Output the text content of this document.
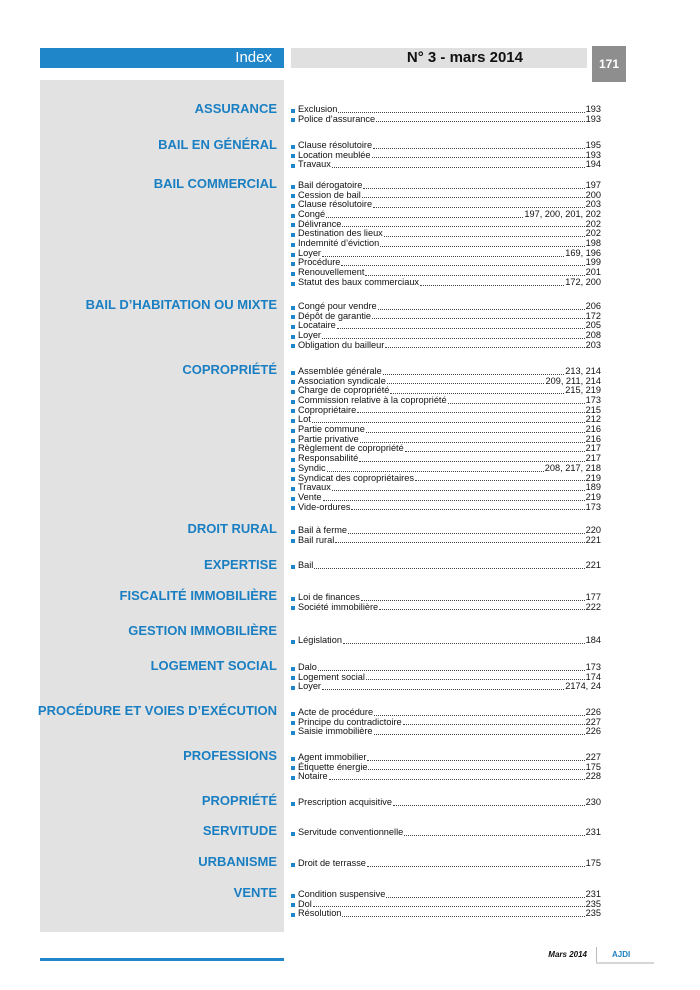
Index	N° 3 - mars 2014	171
ASSURANCE Exclusion	193
Police d’assurance	193
BAIL EN GÉNÉRAL Clause résolutoire	195
Location meublée	193
Travaux	194
BAIL COMMERCIAL Bail dérogatoire	197
Cession de bail	200
Clause résolutoire	203
Congé	197, 200, 201, 202
Délivrance	202
Destination des lieux	202
Indemnité d’éviction	198
Loyer	169, 196
Procédure	199
Renouvellement	201
Statut des baux commerciaux	172, 200
BAIL D’HABITATION OU MIXTE Congé pour vendre	206
Dépôt de garantie	172
Locataire	205
Loyer	208
Obligation du bailleur	203
COPROPRIÉTÉ Assemblée générale	213, 214
Association syndicale	209, 211, 214
Charge de copropriété	215, 219
Commission relative à la copropriété	173
Copropriétaire	215
Lot	212
Partie commune	216
Partie privative	216
Règlement de copropriété	217
Responsabilité	217
Syndic	208, 217, 218
Syndicat des copropriétaires	219
Travaux	189
Vente	219
Vide-ordures	173
DROIT RURAL Bail à ferme	220
Bail rural	221
EXPERTISE Bail	221
FISCALITÉ IMMOBILIÈRE Loi de finances	177
Société immobilière	222
GESTION IMMOBILIÈRE
Législation	184
LOGEMENT SOCIAL Dalo	173
Logement social	174
Loyer	2174, 24
PROCÉDURE ET VOIES D’EXÉCUTION Acte de procédure	226
Principe du contradictoire	227
Saisie immobilière	226
PROFESSIONS Agent immobilier	227
Étiquette énergie	175
Notaire	228
PROPRIÉTÉ Prescription acquisitive	230
SERVITUDE Servitude conventionnelle	231
URBANISME Droit de terrasse	175
VENTE Condition suspensive	231
Dol	235
Résolution	235
Mars 2014	AJDI
